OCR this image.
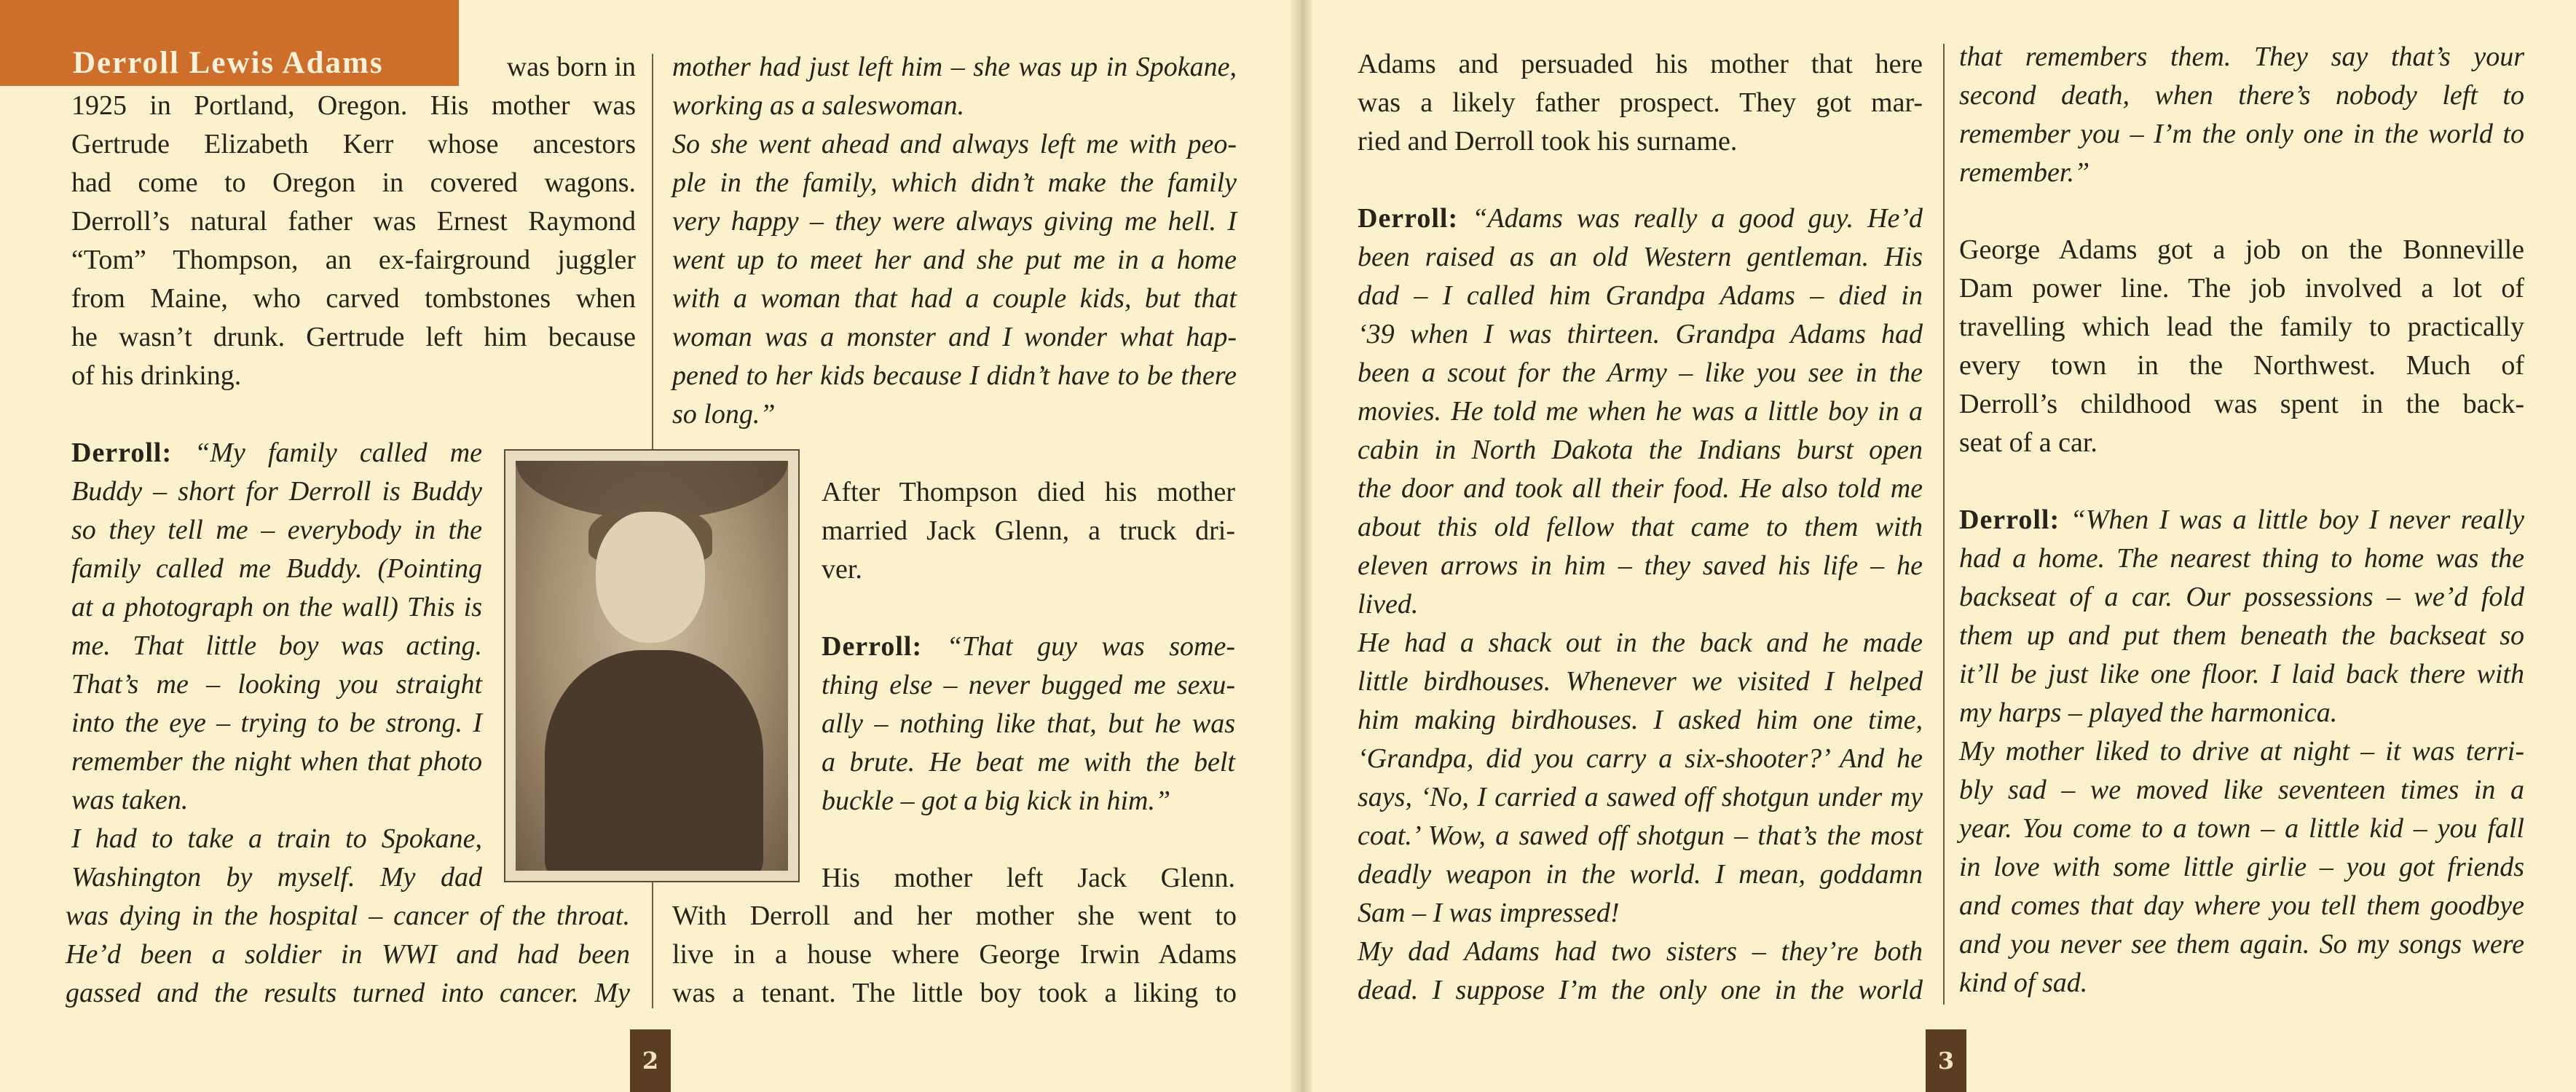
Derroll Lewis Adams	was born in

1925 in Portland, Oregon. His mother was

Gertrude Elizabeth Kerr whose ancestors

had come to Oregon in covered wagons.

Derroll’s natural father was Ernest Raymond

“Tom” Thompson, an ex-fairground juggler

from Maine, who carved tombstones when

he wasn’t drunk. Gertrude left him because

of his drinking.

Derroll: “My family called me

Buddy – short for Derroll is Buddy

so they tell me – everybody in the

family called me Buddy. (Pointing

at a photograph on the wall) This is

me. That little boy was acting.

That’s me – looking you straight

into the eye – trying to be strong. I

remember the night when that photo

was taken.

I had to take a train to Spokane,

Washington by myself. My dad

was dying in the hospital – cancer of the throat.

He’d been a soldier in WWI and had been

gassed and the results turned into cancer. My

mother had just left him – she was up in Spokane,

working as a saleswoman.

So she went ahead and always left me with peo-

ple in the family, which didn’t make the family

very happy – they were always giving me hell. I

went up to meet her and she put me in a home

with a woman that had a couple kids, but that

woman was a monster and I wonder what hap-

pened to her kids because I didn’t have to be there

so long.”

After Thompson died his mother

married Jack Glenn, a truck dri-

ver.

Derroll: “That guy was some-

thing else – never bugged me sexu-

ally – nothing like that, but he was

a brute. He beat me with the belt

buckle – got a big kick in him.”

His mother left Jack Glenn.

With Derroll and her mother she went to

live in a house where George Irwin Adams

was a tenant. The little boy took a liking to

2

Adams and persuaded his mother that here

was a likely father prospect. They got mar-

ried and Derroll took his surname.

Derroll: “Adams was really a good guy. He’d

been raised as an old Western gentleman. His

dad – I called him Grandpa Adams – died in

‘39 when I was thirteen. Grandpa Adams had

been a scout for the Army – like you see in the

movies. He told me when he was a little boy in a

cabin in North Dakota the Indians burst open

the door and took all their food. He also told me

about this old fellow that came to them with

eleven arrows in him – they saved his life – he

lived.

He had a shack out in the back and he made

little birdhouses. Whenever we visited I helped

him making birdhouses. I asked him one time,

‘Grandpa, did you carry a six-shooter?’ And he

says, ‘No, I carried a sawed off shotgun under my

coat.’ Wow, a sawed off shotgun – that’s the most

deadly weapon in the world. I mean, goddamn

Sam – I was impressed!

My dad Adams had two sisters – they’re both

dead. I suppose I’m the only one in the world

that remembers them. They say that’s your

second death, when there’s nobody left to

remember you – I’m the only one in the world to

remember.”

George Adams got a job on the Bonneville

Dam power line. The job involved a lot of

travelling which lead the family to practically

every town in the Northwest. Much of

Derroll’s childhood was spent in the back-

seat of a car.

Derroll: “When I was a little boy I never really

had a home. The nearest thing to home was the

backseat of a car. Our possessions – we’d fold

them up and put them beneath the backseat so

it’ll be just like one floor. I laid back there with

my harps – played the harmonica.

My mother liked to drive at night – it was terri-

bly sad – we moved like seventeen times in a

year. You come to a town – a little kid – you fall

in love with some little girlie – you got friends

and comes that day where you tell them goodbye

and you never see them again. So my songs were

kind of sad.

3
